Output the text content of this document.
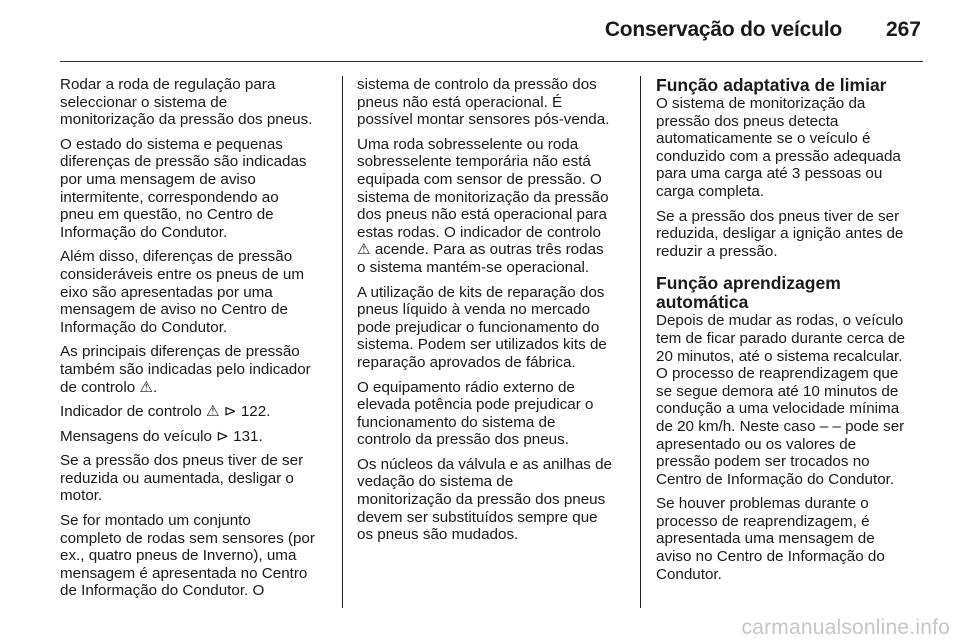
Conservação do veículo 267

Rodar a roda de regulação para
seleccionar o sistema de
monitorização da pressão dos pneus.

O estado do sistema e pequenas
diferenças de pressão são indicadas
por uma mensagem de aviso
intermitente, correspondendo ao
pneu em questão, no Centro de
Informação do Condutor.

Além disso, diferenças de pressão
consideráveis entre os pneus de um
eixo são apresentadas por uma
mensagem de aviso no Centro de
Informação do Condutor.

As principais diferenças de pressão
também são indicadas pelo indicador
de controlo ⚠.

Indicador de controlo ⚠ ⊳ 122.

Mensagens do veículo ⊳ 131.

Se a pressão dos pneus tiver de ser
reduzida ou aumentada, desligar o
motor.

Se for montado um conjunto
completo de rodas sem sensores (por
ex., quatro pneus de Inverno), uma
mensagem é apresentada no Centro
de Informação do Condutor. O

sistema de controlo da pressão dos
pneus não está operacional. É
possível montar sensores pós-venda.

Uma roda sobresselente ou roda
sobresselente temporária não está
equipada com sensor de pressão. O
sistema de monitorização da pressão
dos pneus não está operacional para
estas rodas. O indicador de controlo
⚠ acende. Para as outras três rodas
o sistema mantém-se operacional.

A utilização de kits de reparação dos
pneus líquido à venda no mercado
pode prejudicar o funcionamento do
sistema. Podem ser utilizados kits de
reparação aprovados de fábrica.

O equipamento rádio externo de
elevada potência pode prejudicar o
funcionamento do sistema de
controlo da pressão dos pneus.

Os núcleos da válvula e as anilhas de
vedação do sistema de
monitorização da pressão dos pneus
devem ser substituídos sempre que
os pneus são mudados.

Função adaptativa de limiar

O sistema de monitorização da
pressão dos pneus detecta
automaticamente se o veículo é
conduzido com a pressão adequada
para uma carga até 3 pessoas ou
carga completa.

Se a pressão dos pneus tiver de ser
reduzida, desligar a ignição antes de
reduzir a pressão.

Função aprendizagem
automática

Depois de mudar as rodas, o veículo
tem de ficar parado durante cerca de
20 minutos, até o sistema recalcular.
O processo de reaprendizagem que
se segue demora até 10 minutos de
condução a uma velocidade mínima
de 20 km/h. Neste caso ‒ ‒ pode ser
apresentado ou os valores de
pressão podem ser trocados no
Centro de Informação do Condutor.

Se houver problemas durante o
processo de reaprendizagem, é
apresentada uma mensagem de
aviso no Centro de Informação do
Condutor.

carmanualsonline.info
